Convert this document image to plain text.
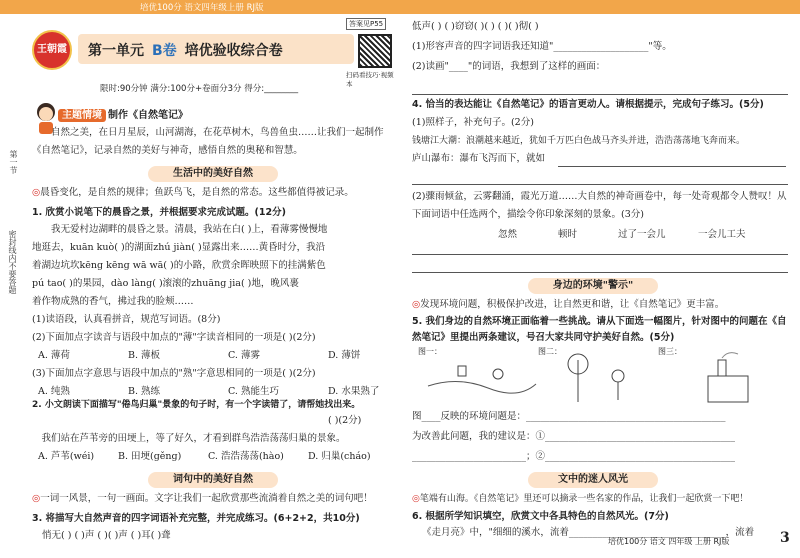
培优100分 语文四年级上册 RJ版
第一节
密封线内不要答题
王朝霞	第一单元 B卷 培优验收综合卷
答案见P55
扫码看技巧·视频本
限时:90分钟 满分:100分+卷面分3分 得分:________
主题情境 制作《自然笔记》
自然之美，在日月星辰，山河湖海，在花草树木，鸟兽鱼虫……让我们一起制作《自然笔记》，记录自然的美好与神奇，感悟自然的奥秘和智慧。
生活中的美好自然
◎晨昏变化，是自然的规律；鱼跃鸟飞，是自然的常态。这些都值得被记录。
1. 欣赏小说笔下的晨昏之景，并根据要求完成试题。(12分)
我无爱村边湖畔的晨昏之景。清晨，我站在白( )上，看薄雾慢慢地
地逛去，kuān kuò( )的湖面zhú jiàn( )显露出来……黄昏时分，我沿
着湖边坑坎kēng kēng wā wā( )的小路，欣赏余晖映照下的挂满紫色
pú tao( )的果园，dào làng( )滚滚的zhuāng jia( )地，晚风裹
着作物成熟的香气，拂过我的脸颊……
(1)读语段，认真看拼音，规范写词语。(8分)
(2)下面加点字读音与语段中加点的"薄"字读音相同的一项是( )(2分)
A. 薄荷	B. 薄板	C. 薄雾	D. 薄饼
(3)下面加点字意思与语段中加点的"熟"字意思相同的一项是( )(2分)
A. 纯熟	B. 熟练	C. 熟能生巧	D. 水果熟了
2. 小文朗读下面描写"倦鸟归巢"景象的句子时，有一个字读错了，请帮她找出来。
( )(2分)
我们站在芦苇旁的田埂上，等了好久，才看到群鸟浩浩荡荡归巢的景象。
A. 芦苇(wéi)	B. 田埂(gěng)	C. 浩浩荡荡(hào)	D. 归巢(cháo)
词句中的美好自然
◎一词一风景，一句一画面。文字让我们一起欣赏那些流淌着自然之美的词句吧！
3. 将描写大自然声音的四字词语补充完整，并完成练习。(6+2+2，共10分)
悄无( ) ( )声 ( )( )声 ( )耳( )聋
低声( ) ( )窃窃( )( ) ( )( )彻( )
(1)形容声音的四字词语我还知道"____________________"等。
(2)读画"____"的词语，我想到了这样的画面：
4. 恰当的表达能让《自然笔记》的语言更动人。请根据提示，完成句子练习。(5分)
(1)照样子，补充句子。(2分)
钱塘江大潮：浪潮越来越近，犹如千万匹白色战马齐头并进，浩浩荡荡地飞奔而来。
庐山瀑布：瀑布飞泻而下，就如
(2)骤雨倾盆，云雾翻涌，霞光万道……大自然的神奇画卷中，每一处奇观都令人赞叹！从下面词语中任选两个，描绘令你印象深刻的景象。(3分)
忽然	顿时	过了一会儿	一会儿工夫
身边的环境"警示"
◎发现环境问题，积极保护改进，让自然更和谐，让《自然笔记》更丰富。
5. 我们身边的自然环境正面临着一些挑战。请从下面选一幅图片，针对图中的问题在《自然笔记》里提出两条建议，号召大家共同守护美好自然。(5分)
图一：	图二：	图三：
图____反映的环境问题是：__________________________________________
为改善此问题，我的建议是：①________________________________________
________________________；②________________________________________
文中的迷人风光
◎笔端有山海。《自然笔记》里还可以摘录一些名家的作品，让我们一起欣赏一下吧！
6. 根据所学知识填空，欣赏文中各具特色的自然风光。(7分)
《走月亮》中，"细细的溪水，流着_________________________________，流着
培优100分 语文 四年级 上册 RJ版	3
